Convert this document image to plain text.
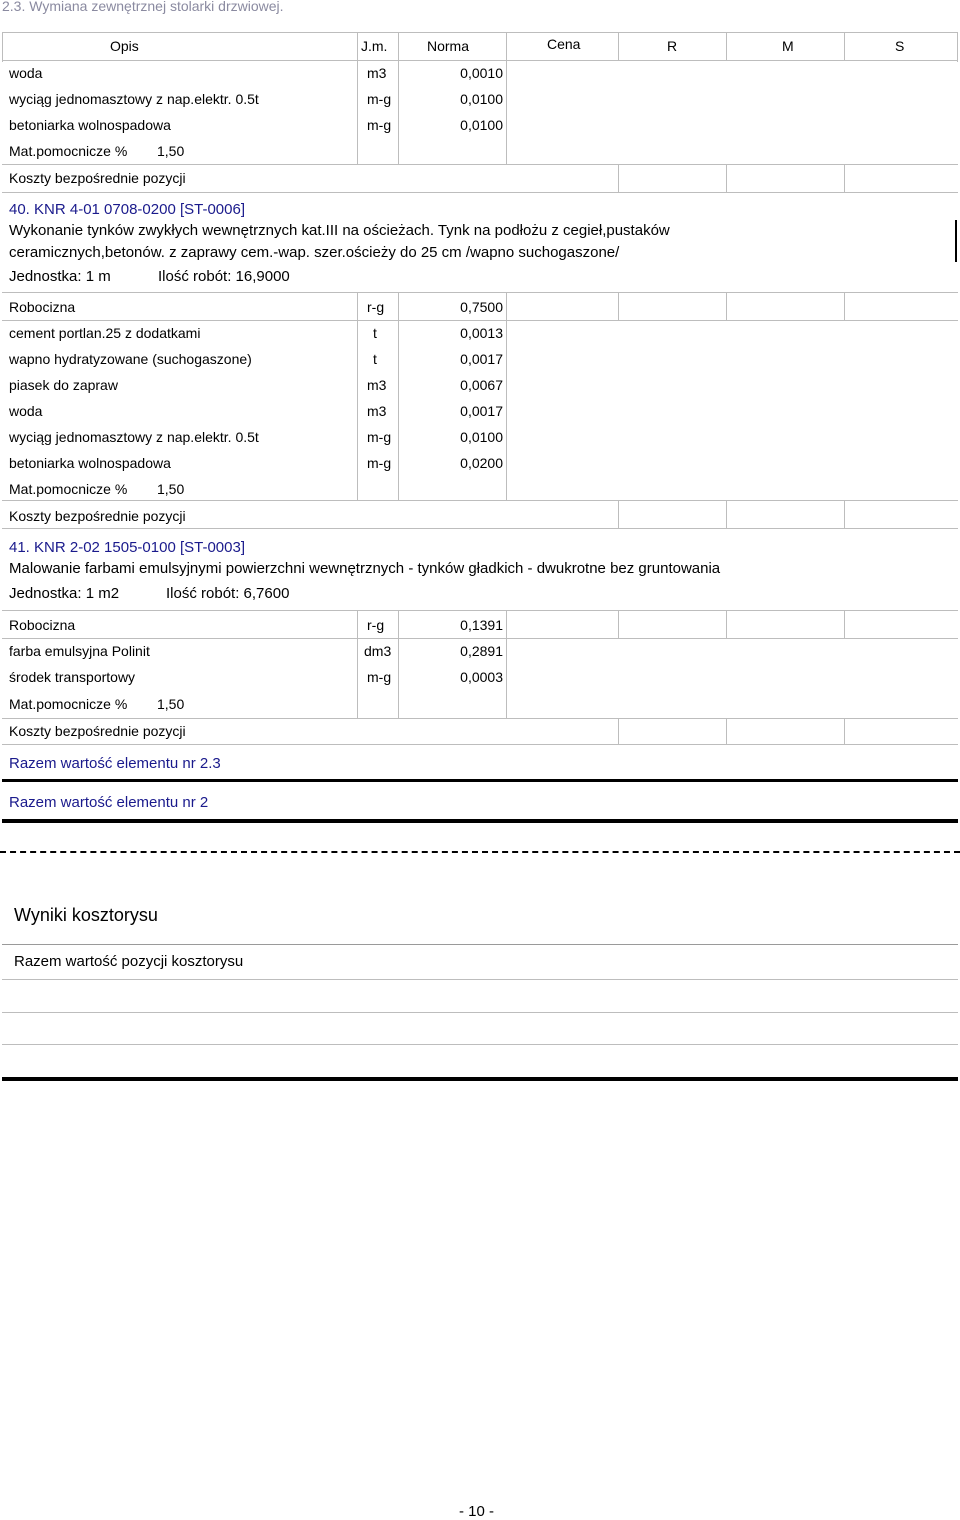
2.3. Wymiana zewnętrznej stolarki drzwiowej.
Opis	J.m.	Norma	Cena	R	M	S
woda	m3	0,0010
wyciąg jednomasztowy z nap.elektr. 0.5t	m-g	0,0100
betoniarka wolnospadowa	m-g	0,0100
Mat.pomocnicze % 1,50
Koszty bezpośrednie pozycji
40. KNR 4-01 0708-0200 [ST-0006]
Wykonanie tynków zwykłych wewnętrznych kat.III na ościeżach. Tynk na podłożu z cegieł,pustaków
ceramicznych,betonów. z zaprawy cem.-wap. szer.ościeży do 25 cm /wapno suchogaszone/
Jednostka: 1 m	Ilość robót: 16,9000
Robocizna	r-g	0,7500
cement portlan.25 z dodatkami	t	0,0013
wapno hydratyzowane (suchogaszone)	t	0,0017
piasek do zapraw	m3	0,0067
woda	m3	0,0017
wyciąg jednomasztowy z nap.elektr. 0.5t	m-g	0,0100
betoniarka wolnospadowa	m-g	0,0200
Mat.pomocnicze % 1,50
Koszty bezpośrednie pozycji
41. KNR 2-02 1505-0100 [ST-0003]
Malowanie farbami emulsyjnymi powierzchni wewnętrznych - tynków gładkich - dwukrotne bez gruntowania
Jednostka: 1 m2	Ilość robót: 6,7600
Robocizna	r-g	0,1391
farba emulsyjna Polinit	dm3	0,2891
środek transportowy	m-g	0,0003
Mat.pomocnicze % 1,50
Koszty bezpośrednie pozycji
Razem wartość elementu nr 2.3
Razem wartość elementu nr 2
Wyniki kosztorysu
Razem wartość pozycji kosztorysu
- 10 -
